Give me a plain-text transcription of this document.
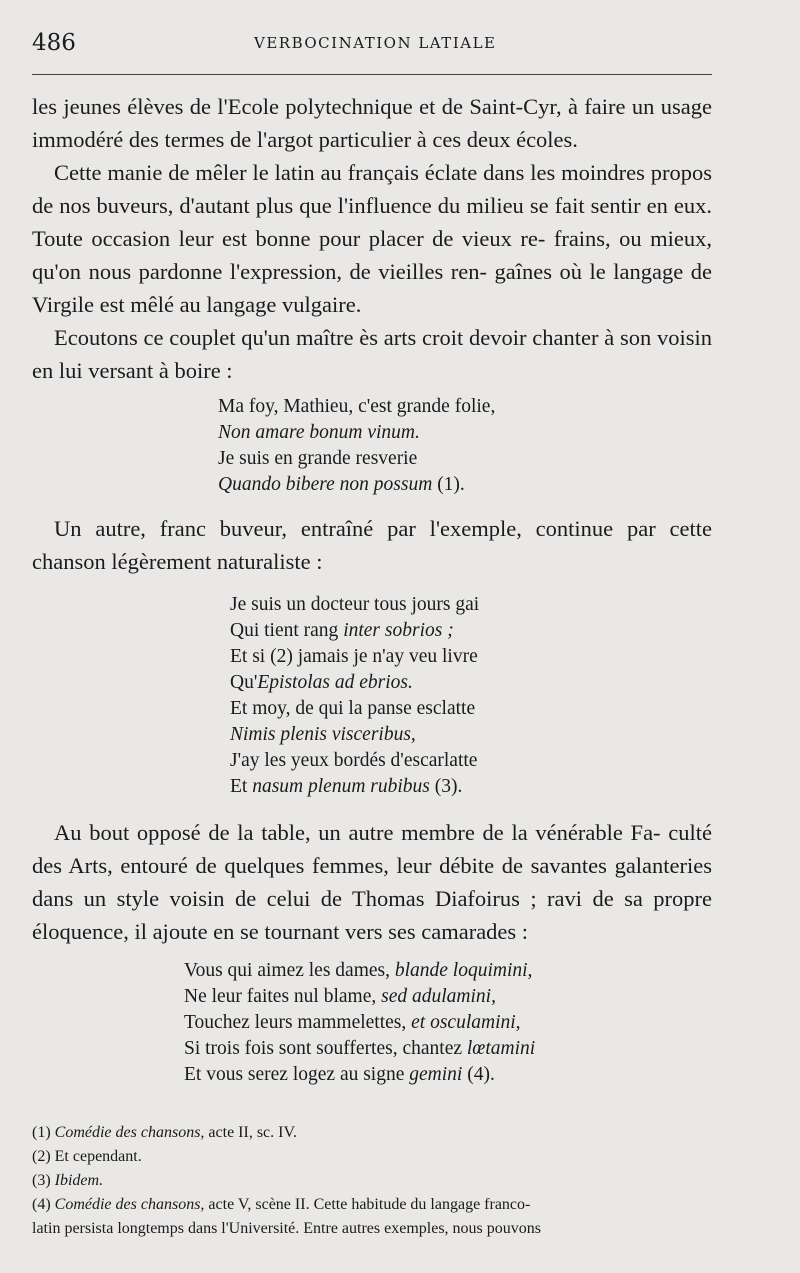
486	VERBOCINATION LATIALE

les jeunes élèves de l'Ecole polytechnique et de Saint-Cyr, à faire un usage immodéré des termes de l'argot particulier à ces deux écoles.

Cette manie de mêler le latin au français éclate dans les moindres propos de nos buveurs, d'autant plus que l'influence du milieu se fait sentir en eux. Toute occasion leur est bonne pour placer de vieux re- frains, ou mieux, qu'on nous pardonne l'expression, de vieilles ren- gaînes où le langage de Virgile est mêlé au langage vulgaire.

Ecoutons ce couplet qu'un maître ès arts croit devoir chanter à son voisin en lui versant à boire :

Ma foy, Mathieu, c'est grande folie,
Non amare bonum vinum.
Je suis en grande resverie
Quando bibere non possum (1).

Un autre, franc buveur, entraîné par l'exemple, continue par cette chanson légèrement naturaliste :

Je suis un docteur tous jours gai
Qui tient rang inter sobrios ;
Et si (2) jamais je n'ay veu livre
Qu'Epistolas ad ebrios.
Et moy, de qui la panse esclatte
Nimis plenis visceribus,
J'ay les yeux bordés d'escarlatte
Et nasum plenum rubibus (3).

Au bout opposé de la table, un autre membre de la vénérable Fa- culté des Arts, entouré de quelques femmes, leur débite de savantes galanteries dans un style voisin de celui de Thomas Diafoirus ; ravi de sa propre éloquence, il ajoute en se tournant vers ses camarades :

Vous qui aimez les dames, blande loquimini,
Ne leur faites nul blame, sed adulamini,
Touchez leurs mammelettes, et osculamini,
Si trois fois sont souffertes, chantez lœtamini
Et vous serez logez au signe gemini (4).
(1) Comédie des chansons, acte II, sc. IV.
(2) Et cependant.
(3) Ibidem.
(4) Comédie des chansons, acte V, scène II. Cette habitude du langage franco-
latin persista longtemps dans l'Université. Entre autres exemples, nous pouvons
